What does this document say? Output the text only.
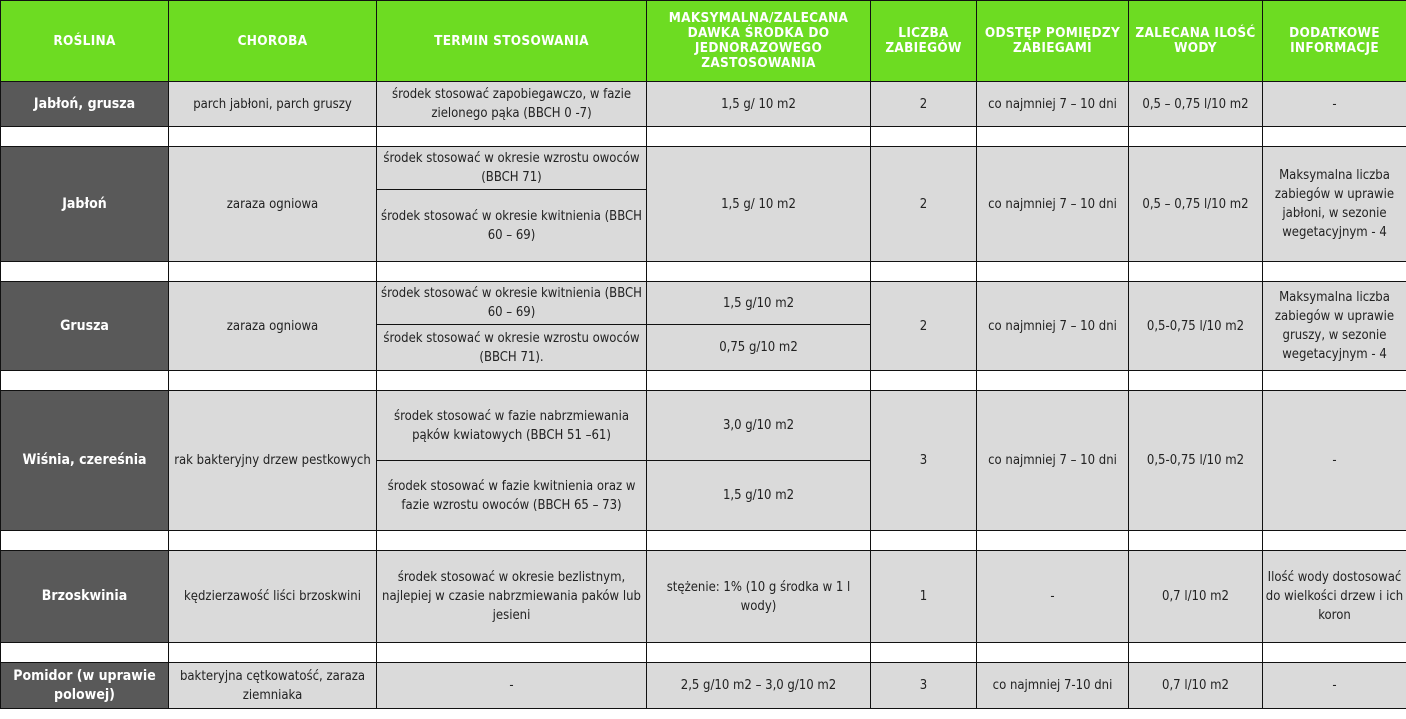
ROŚLINA	CHOROBA	TERMIN STOSOWANIA	MAKSYMALNA/ZALECANA DAWKA ŚRODKA DO JEDNORAZOWEGO ZASTOSOWANIA	LICZBA ZABIEGÓW	ODSTĘP POMIĘDZY ZABIEGAMI	ZALECANA ILOŚĆ WODY	DODATKOWE INFORMACJE
Jabłoń, grusza	parch jabłoni, parch gruszy	środek stosować zapobiegawczo, w fazie zielonego pąka (BBCH 0 -7)	1,5 g/ 10 m2	2	co najmniej 7 – 10 dni	0,5 – 0,75 l/10 m2	-

Jabłoń	zaraza ogniowa	środek stosować w okresie wzrostu owoców (BBCH 71)	1,5 g/ 10 m2	2	co najmniej 7 – 10 dni	0,5 – 0,75 l/10 m2	Maksymalna liczba zabiegów w uprawie jabłoni, w sezonie wegetacyjnym - 4
		środek stosować w okresie kwitnienia (BBCH 60 – 69)					

Grusza	zaraza ogniowa	środek stosować w okresie kwitnienia (BBCH 60 – 69)	1,5 g/10 m2	2	co najmniej 7 – 10 dni	0,5-0,75 l/10 m2	Maksymalna liczba zabiegów w uprawie gruszy, w sezonie wegetacyjnym - 4
		środek stosować w okresie wzrostu owoców (BBCH 71).	0,75 g/10 m2				

Wiśnia, czereśnia	rak bakteryjny drzew pestkowych	środek stosować w fazie nabrzmiewania pąków kwiatowych (BBCH 51 –61)	3,0 g/10 m2	3	co najmniej 7 – 10 dni	0,5-0,75 l/10 m2	-
		środek stosować w fazie kwitnienia oraz w fazie wzrostu owoców (BBCH 65 – 73)	1,5 g/10 m2				

Brzoskwinia	kędzierzawość liści brzoskwini	środek stosować w okresie bezlistnym, najlepiej w czasie nabrzmiewania paków lub jesieni	stężenie: 1% (10 g środka w 1 l wody)	1	-	0,7 l/10 m2	Ilość wody dostosować do wielkości drzew i ich koron

Pomidor (w uprawie polowej)	bakteryjna cętkowatość, zaraza ziemniaka	-	2,5 g/10 m2 – 3,0 g/10 m2	3	co najmniej 7-10 dni	0,7 l/10 m2	-
